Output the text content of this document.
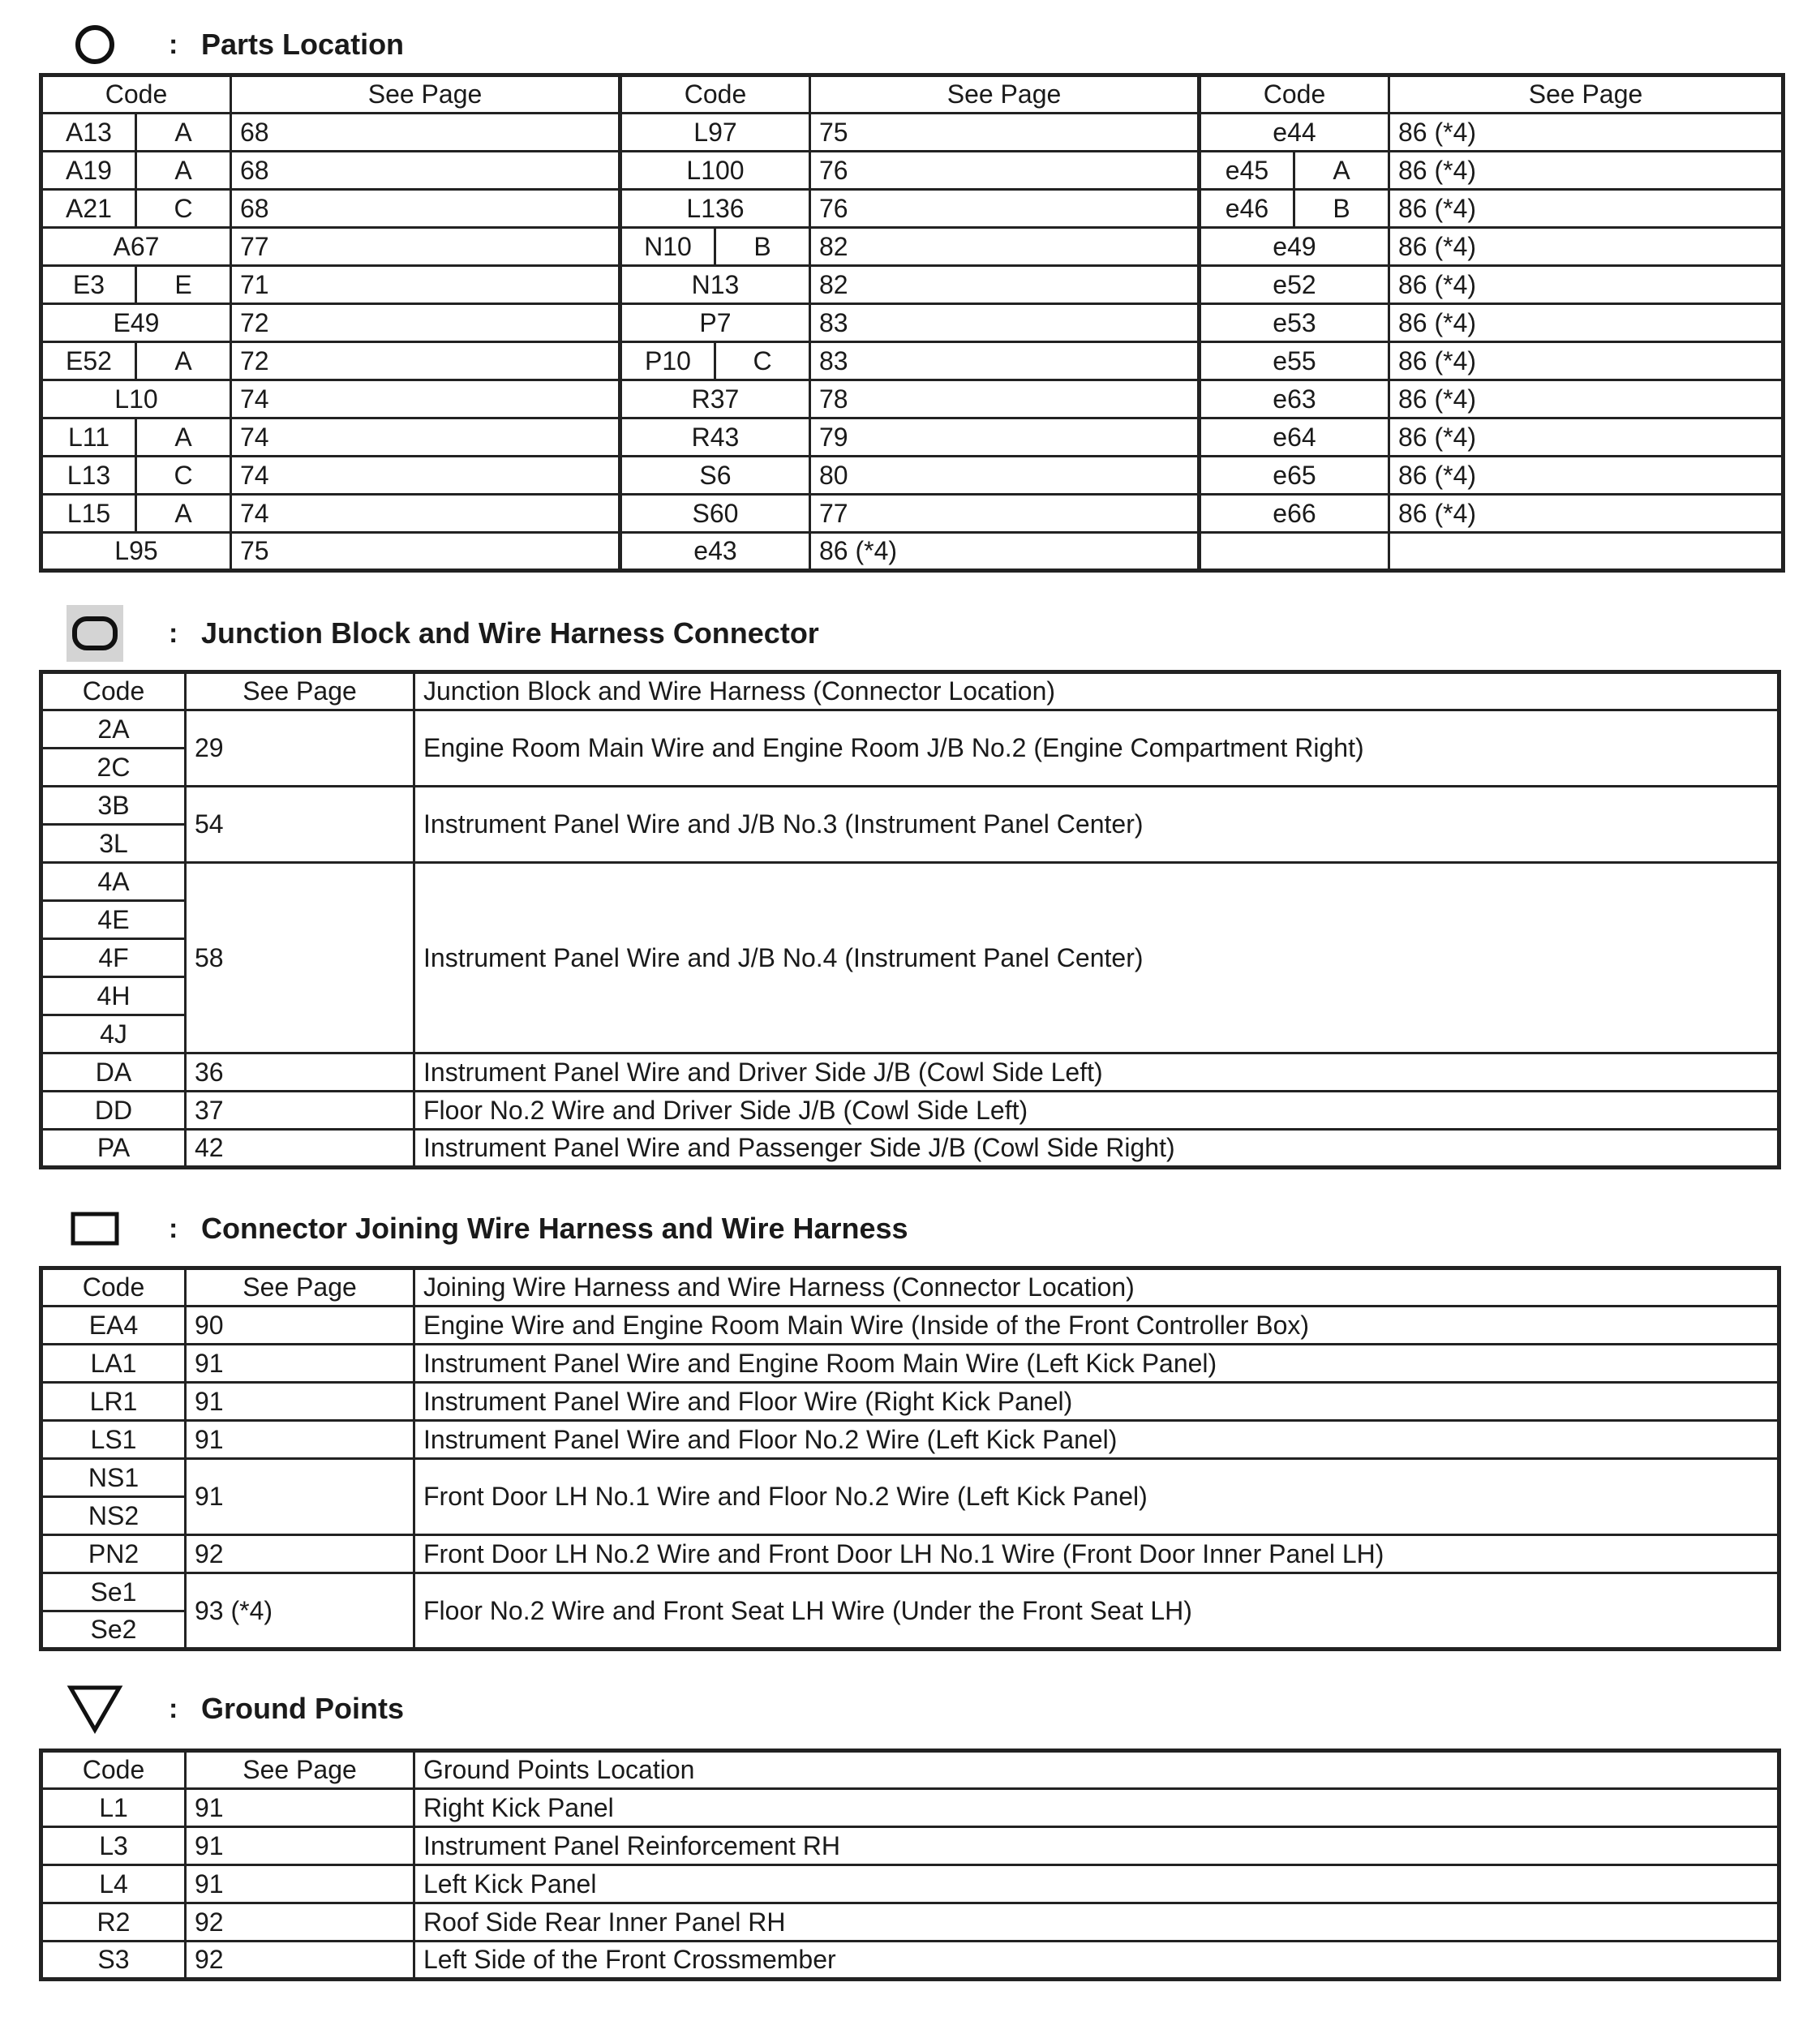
: Parts Location
Code		See Page	Code		See Page	Code		See Page
A13	A	68	L97		75	e44		86 (*4)
A19	A	68	L100		76	e45	A	86 (*4)
A21	C	68	L136		76	e46	B	86 (*4)
A67		77	N10	B	82	e49		86 (*4)
E3	E	71	N13		82	e52		86 (*4)
E49		72	P7		83	e53		86 (*4)
E52	A	72	P10	C	83	e55		86 (*4)
L10		74	R37		78	e63		86 (*4)
L11	A	74	R43		79	e64		86 (*4)
L13	C	74	S6		80	e65		86 (*4)
L15	A	74	S60		77	e66		86 (*4)
L95		75	e43		86 (*4)			
: Junction Block and Wire Harness Connector
Code	See Page	Junction Block and Wire Harness (Connector Location)
2A	29	Engine Room Main Wire and Engine Room J/B No.2 (Engine Compartment Right)
2C		
3B	54	Instrument Panel Wire and J/B No.3 (Instrument Panel Center)
3L		
4A	58	Instrument Panel Wire and J/B No.4 (Instrument Panel Center)
4E		
4F		
4H		
4J		
DA	36	Instrument Panel Wire and Driver Side J/B (Cowl Side Left)
DD	37	Floor No.2 Wire and Driver Side J/B (Cowl Side Left)
PA	42	Instrument Panel Wire and Passenger Side J/B (Cowl Side Right)
: Connector Joining Wire Harness and Wire Harness
Code	See Page	Joining Wire Harness and Wire Harness (Connector Location)
EA4	90	Engine Wire and Engine Room Main Wire (Inside of the Front Controller Box)
LA1	91	Instrument Panel Wire and Engine Room Main Wire (Left Kick Panel)
LR1	91	Instrument Panel Wire and Floor Wire (Right Kick Panel)
LS1	91	Instrument Panel Wire and Floor No.2 Wire (Left Kick Panel)
NS1	91	Front Door LH No.1 Wire and Floor No.2 Wire (Left Kick Panel)
NS2		
PN2	92	Front Door LH No.2 Wire and Front Door LH No.1 Wire (Front Door Inner Panel LH)
Se1	93 (*4)	Floor No.2 Wire and Front Seat LH Wire (Under the Front Seat LH)
Se2		
: Ground Points
Code	See Page	Ground Points Location
L1	91	Right Kick Panel
L3	91	Instrument Panel Reinforcement RH
L4	91	Left Kick Panel
R2	92	Roof Side Rear Inner Panel RH
S3	92	Left Side of the Front Crossmember
